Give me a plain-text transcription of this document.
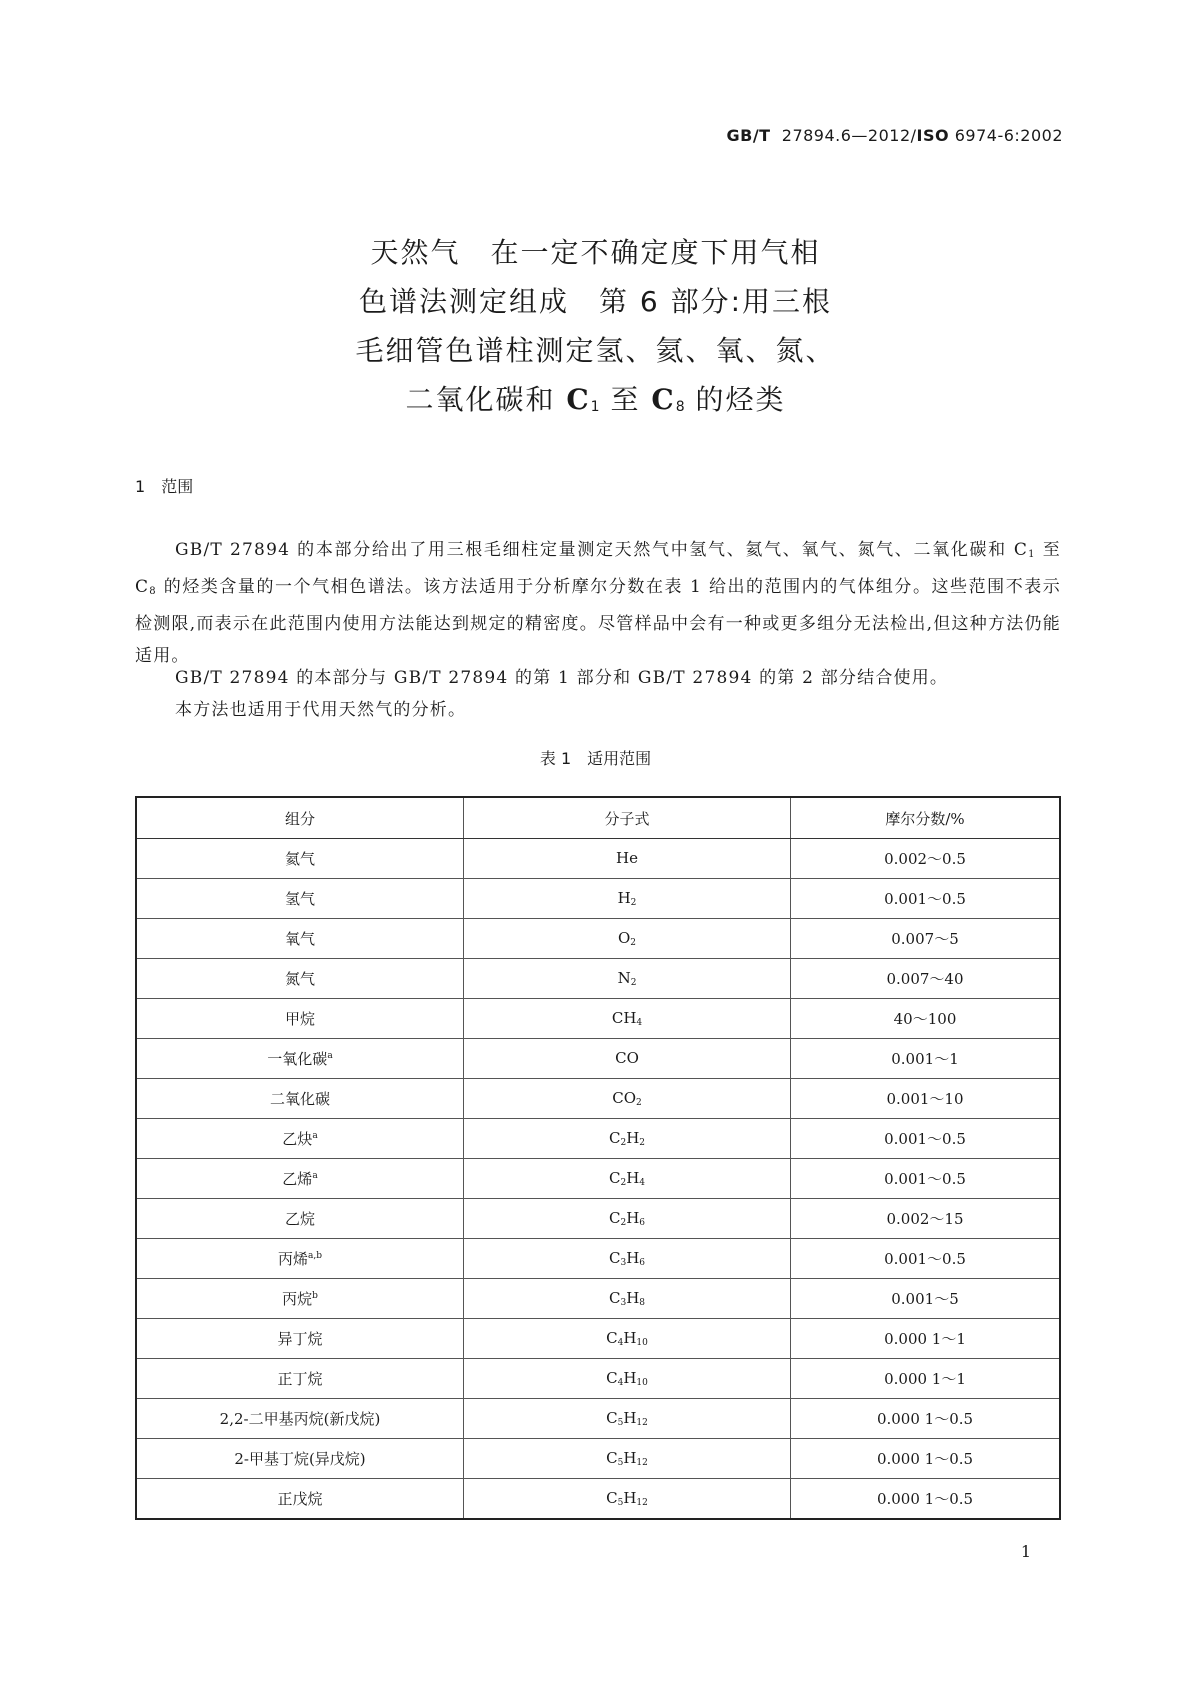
GB/T 27894.6—2012/ISO 6974-6:2002
天然气　在一定不确定度下用气相
色谱法测定组成　第 6 部分:用三根
毛细管色谱柱测定氢、氦、氧、氮、
二氧化碳和 $C_1$ 至 $C_8$ 的烃类
1　 范围
GB/T 27894 的本部分给出了用三根毛细柱定量测定天然气中氢气、氦气、氧气、氮气、二氧化碳和 $C_1$ 至 $C_8$ 的烃类含量的一个气相色谱法。该方法适用于分析摩尔分数在表 1 给出的范围内的气体组分。这些范围不表示检测限,而表示在此范围内使用方法能达到规定的精密度。尽管样品中会有一种或更多组分无法检出,但这种方法仍能适用。
GB/T 27894 的本部分与 GB/T 27894 的第 1 部分和 GB/T 27894 的第 2 部分结合使用。
本方法也适用于代用天然气的分析。
表 1　适用范围
组分	分子式	摩尔分数/%
氦气	He	0.002～0.5
氢气	$H_2$	0.001～0.5
氧气	$O_2$	0.007～5
氮气	$N_2$	0.007～40
甲烷	$CH_4$	40～100
一氧化碳$^a$	CO	0.001～1
二氧化碳	$CO_2$	0.001～10
乙炔$^a$	$C_2H_2$	0.001～0.5
乙烯$^a$	$C_2H_4$	0.001～0.5
乙烷	$C_2H_6$	0.002～15
丙烯$^{a,b}$	$C_3H_6$	0.001～0.5
丙烷$^b$	$C_3H_8$	0.001～5
异丁烷	$C_4H_{10}$	0.000 1～1
正丁烷	$C_4H_{10}$	0.000 1～1
2,2-二甲基丙烷(新戊烷)	$C_5H_{12}$	0.000 1～0.5
2-甲基丁烷(异戊烷)	$C_5H_{12}$	0.000 1～0.5
正戊烷	$C_5H_{12}$	0.000 1～0.5
1
